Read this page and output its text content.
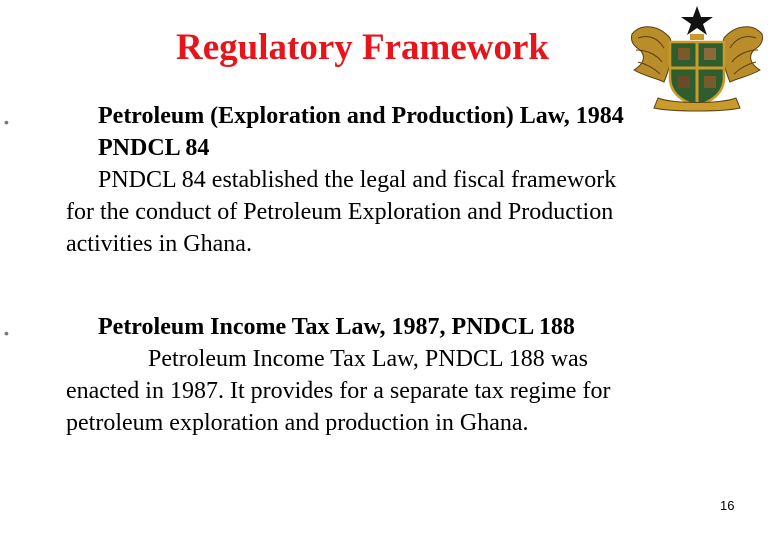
Regulatory Framework
•	Petroleum (Exploration and Production) Law, 1984
PNDCL 84
PNDCL 84 established the legal and fiscal framework
for the conduct of Petroleum Exploration and Production
activities in Ghana.
•	Petroleum Income Tax Law, 1987, PNDCL 188
Petroleum Income Tax Law, PNDCL 188 was
enacted in 1987. It provides for a separate tax regime for
petroleum exploration and production in Ghana.
16
